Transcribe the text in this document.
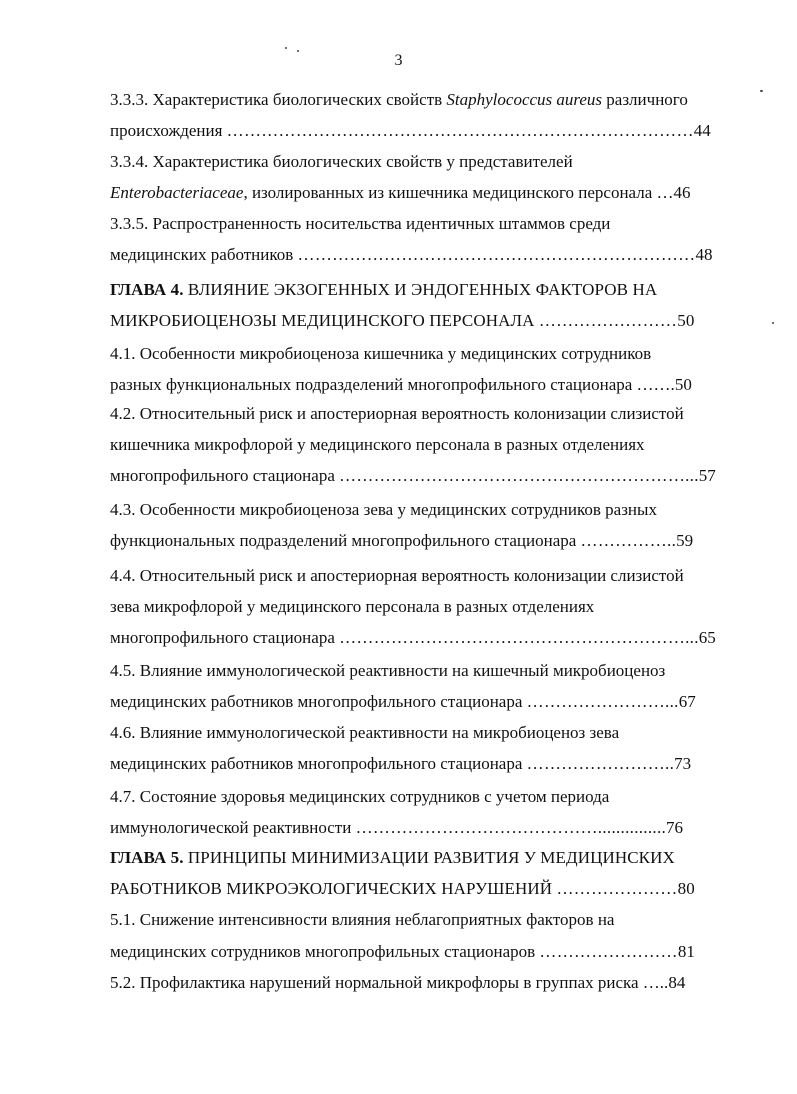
3
3.3.3. Характеристика биологических свойств Staphylococcus aureus различного
происхождения ………………………………………………………………………44
3.3.4. Характеристика биологических свойств у представителей
Enterobacteriaceae, изолированных из кишечника медицинского персонала …46
3.3.5. Распространенность носительства идентичных штаммов среди
медицинских работников ……………………………………………………………48
ГЛАВА 4. ВЛИЯНИЕ ЭКЗОГЕННЫХ И ЭНДОГЕННЫХ ФАКТОРОВ НА
МИКРОБИОЦЕНОЗЫ МЕДИЦИНСКОГО ПЕРСОНАЛА ……………………50
4.1. Особенности микробиоценоза кишечника у медицинских сотрудников
разных функциональных подразделений многопрофильного стационара …….50
4.2. Относительный риск и апостериорная вероятность колонизации слизистой
кишечника микрофлорой у медицинского персонала в разных отделениях
многопрофильного стационара ……………………………………………………...57
4.3. Особенности микробиоценоза зева у медицинских сотрудников разных
функциональных подразделений многопрофильного стационара ……………..59
4.4. Относительный риск и апостериорная вероятность колонизации слизистой
зева микрофлорой у медицинского персонала в разных отделениях
многопрофильного стационара ……………………………………………………...65
4.5. Влияние иммунологической реактивности на кишечный микробиоценоз
медицинских работников многопрофильного стационара ……………………...67
4.6. Влияние иммунологической реактивности на микробиоценоз зева
медицинских работников многопрофильного стационара ……………………..73
4.7. Состояние здоровья медицинских сотрудников с учетом периода
иммунологической реактивности ……………………………………...............76
ГЛАВА 5. ПРИНЦИПЫ МИНИМИЗАЦИИ РАЗВИТИЯ У МЕДИЦИНСКИХ
РАБОТНИКОВ МИКРОЭКОЛОГИЧЕСКИХ НАРУШЕНИЙ …………………80
5.1. Снижение интенсивности влияния неблагоприятных факторов на
медицинских сотрудников многопрофильных стационаров ……………………81
5.2. Профилактика нарушений нормальной микрофлоры в группах риска …..84
